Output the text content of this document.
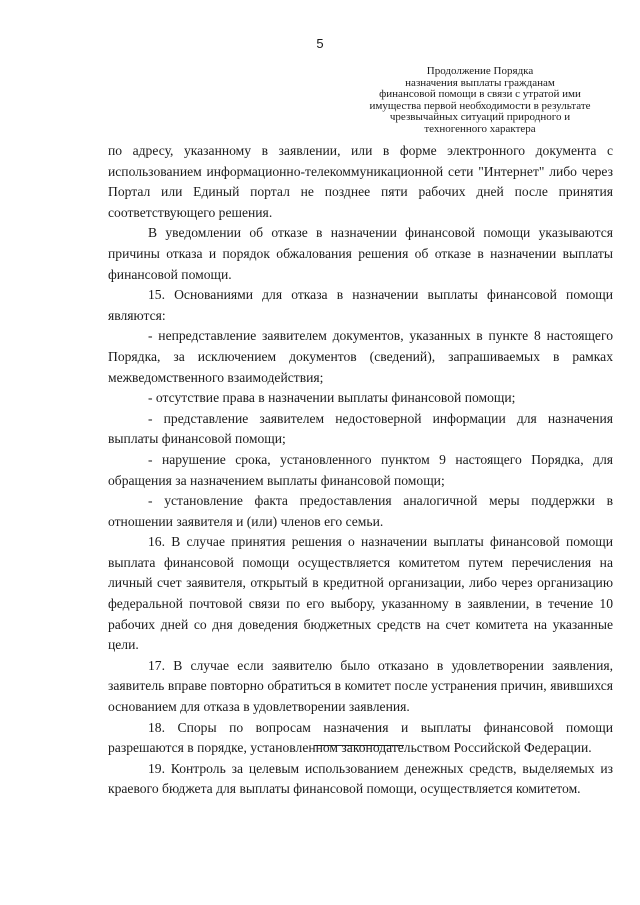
5
Продолжение Порядка
назначения выплаты гражданам
финансовой помощи в связи с утратой ими
имущества первой необходимости в результате
чрезвычайных ситуаций природного и
техногенного характера

по адресу, указанному в заявлении, или в форме электронного документа с использованием информационно-телекоммуникационной сети "Интернет" либо через Портал или Единый портал не позднее пяти рабочих дней после принятия соответствующего решения.

В уведомлении об отказе в назначении финансовой помощи указываются причины отказа и порядок обжалования решения об отказе в назначении выплаты финансовой помощи.

15. Основаниями для отказа в назначении выплаты финансовой помощи являются:

- непредставление заявителем документов, указанных в пункте 8 настоящего Порядка, за исключением документов (сведений), запрашиваемых в рамках межведомственного взаимодействия;

- отсутствие права в назначении выплаты финансовой помощи;

- представление заявителем недостоверной информации для назначения выплаты финансовой помощи;

- нарушение срока, установленного пунктом 9 настоящего Порядка, для обращения за назначением выплаты финансовой помощи;

- установление факта предоставления аналогичной меры поддержки в отношении заявителя и (или) членов его семьи.

16. В случае принятия решения о назначении выплаты финансовой помощи выплата финансовой помощи осуществляется комитетом путем перечисления на личный счет заявителя, открытый в кредитной организации, либо через организацию федеральной почтовой связи по его выбору, указанному в заявлении, в течение 10 рабочих дней со дня доведения бюджетных средств на счет комитета на указанные цели.

17. В случае если заявителю было отказано в удовлетворении заявления, заявитель вправе повторно обратиться в комитет после устранения причин, явившихся основанием для отказа в удовлетворении заявления.

18. Споры по вопросам назначения и выплаты финансовой помощи разрешаются в порядке, установленном законодательством Российской Федерации.

19. Контроль за целевым использованием денежных средств, выделяемых из краевого бюджета для выплаты финансовой помощи, осуществляется комитетом.
